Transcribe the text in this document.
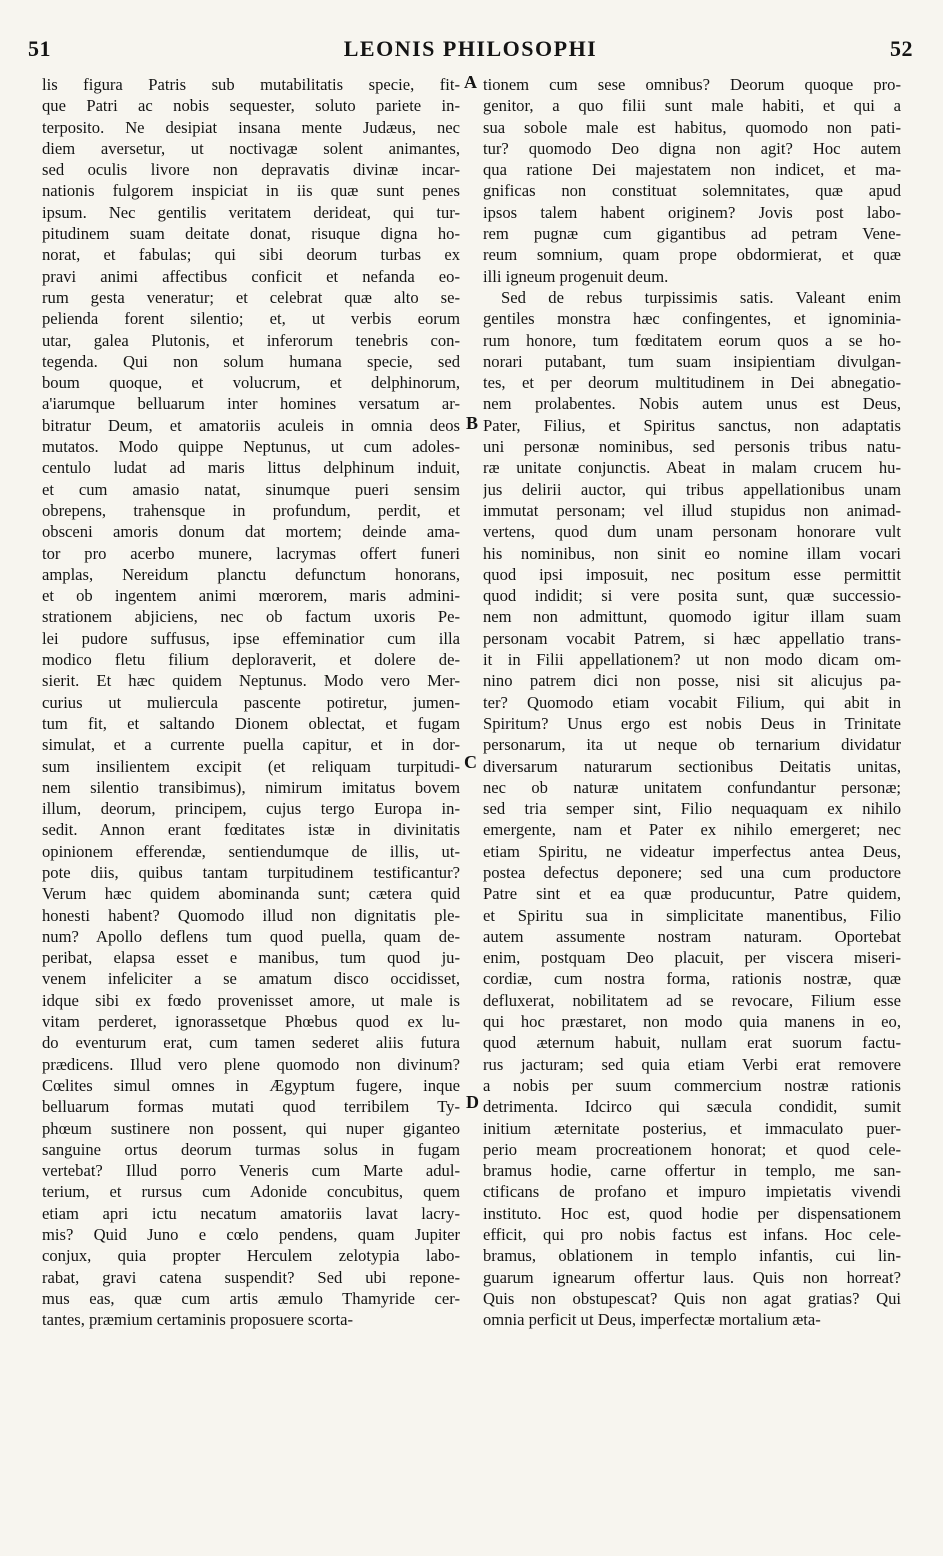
51	LEONIS PHILOSOPHI	52
lis figura Patris sub mutabilitatis specie, fit-
que Patri ac nobis sequester, soluto pariete in-
terposito. Ne desipiat insana mente Judæus, nec
diem aversetur, ut noctivagæ solent animantes,
sed oculis livore non depravatis divinæ incar-
nationis fulgorem inspiciat in iis quæ sunt penes
ipsum. Nec gentilis veritatem derideat, qui tur-
pitudinem suam deitate donat, risuque digna ho-
norat, et fabulas; qui sibi deorum turbas ex
pravi animi affectibus conficit et nefanda eo-
rum gesta veneratur; et celebrat quæ alto se-
pelienda forent silentio; et, ut verbis eorum
utar, galea Plutonis, et inferorum tenebris con-
tegenda. Qui non solum humana specie, sed
boum quoque, et volucrum, et delphinorum,
a'iarumque belluarum inter homines versatum ar-
bitratur Deum, et amatoriis aculeis in omnia deos
mutatos. Modo quippe Neptunus, ut cum adoles-
centulo ludat ad maris littus delphinum induit,
et cum amasio natat, sinumque pueri sensim
obrepens, trahensque in profundum, perdit, et
obsceni amoris donum dat mortem; deinde ama-
tor pro acerbo munere, lacrymas offert funeri
amplas, Nereidum planctu defunctum honorans,
et ob ingentem animi mœrorem, maris admini-
strationem abjiciens, nec ob factum uxoris Pe-
lei pudore suffusus, ipse effeminatior cum illa
modico fletu filium deploraverit, et dolere de-
sierit. Et hæc quidem Neptunus. Modo vero Mer-
curius ut muliercula pascente potiretur, jumen-
tum fit, et saltando Dionem oblectat, et fugam
simulat, et a currente puella capitur, et in dor-
sum insilientem excipit (et reliquam turpitudi-
nem silentio transibimus), nimirum imitatus bovem
illum, deorum, principem, cujus tergo Europa in-
sedit. Annon erant fœditates istæ in divinitatis
opinionem efferendæ, sentiendumque de illis, ut-
pote diis, quibus tantam turpitudinem testificantur?
Verum hæc quidem abominanda sunt; cætera quid
honesti habent? Quomodo illud non dignitatis ple-
num? Apollo deflens tum quod puella, quam de-
peribat, elapsa esset e manibus, tum quod ju-
venem infeliciter a se amatum disco occidisset,
idque sibi ex fœdo provenisset amore, ut male is
vitam perderet, ignorassetque Phœbus quod ex lu-
do eventurum erat, cum tamen sederet aliis futura
prædicens. Illud vero plene quomodo non divinum?
Cœlites simul omnes in Ægyptum fugere, inque
belluarum formas mutati quod terribilem Ty-
phœum sustinere non possent, qui nuper giganteo
sanguine ortus deorum turmas solus in fugam
vertebat? Illud porro Veneris cum Marte adul-
terium, et rursus cum Adonide concubitus, quem
etiam apri ictu necatum amatoriis lavat lacry-
mis? Quid Juno e cœlo pendens, quam Jupiter
conjux, quia propter Herculem zelotypia labo-
rabat, gravi catena suspendit? Sed ubi repone-
mus eas, quæ cum artis æmulo Thamyride cer-
tantes, præmium certaminis proposuere scorta-
tionem cum sese omnibus? Deorum quoque pro-
genitor, a quo filii sunt male habiti, et qui a
sua sobole male est habitus, quomodo non pati-
tur? quomodo Deo digna non agit? Hoc autem
qua ratione Dei majestatem non indicet, et ma-
gnificas non constituat solemnitates, quæ apud
ipsos talem habent originem? Jovis post labo-
rem pugnæ cum gigantibus ad petram Vene-
reum somnium, quam prope obdormierat, et quæ
illi igneum progenuit deum.
Sed de rebus turpissimis satis. Valeant enim
gentiles monstra hæc confingentes, et ignominia-
rum honore, tum fœditatem eorum quos a se ho-
norari putabant, tum suam insipientiam divulgan-
tes, et per deorum multitudinem in Dei abnegatio-
nem prolabentes. Nobis autem unus est Deus,
Pater, Filius, et Spiritus sanctus, non adaptatis
uni personæ nominibus, sed personis tribus natu-
ræ unitate conjunctis. Abeat in malam crucem hu-
jus delirii auctor, qui tribus appellationibus unam
immutat personam; vel illud stupidus non animad-
vertens, quod dum unam personam honorare vult
his nominibus, non sinit eo nomine illam vocari
quod ipsi imposuit, nec positum esse permittit
quod indidit; si vere posita sunt, quæ successio-
nem non admittunt, quomodo igitur illam suam
personam vocabit Patrem, si hæc appellatio trans-
it in Filii appellationem? ut non modo dicam om-
nino patrem dici non posse, nisi sit alicujus pa-
ter? Quomodo etiam vocabit Filium, qui abit in
Spiritum? Unus ergo est nobis Deus in Trinitate
personarum, ita ut neque ob ternarium dividatur
diversarum naturarum sectionibus Deitatis unitas,
nec ob naturæ unitatem confundantur personæ;
sed tria semper sint, Filio nequaquam ex nihilo
emergente, nam et Pater ex nihilo emergeret; nec
etiam Spiritu, ne videatur imperfectus antea Deus,
postea defectus deponere; sed una cum productore
Patre sint et ea quæ producuntur, Patre quidem,
et Spiritu sua in simplicitate manentibus, Filio
autem assumente nostram naturam. Oportebat
enim, postquam Deo placuit, per viscera miseri-
cordiæ, cum nostra forma, rationis nostræ, quæ
defluxerat, nobilitatem ad se revocare, Filium esse
qui hoc præstaret, non modo quia manens in eo,
quod æternum habuit, nullam erat suorum factu-
rus jacturam; sed quia etiam Verbi erat removere
a nobis per suum commercium nostræ rationis
detrimenta. Idcirco qui sæcula condidit, sumit
initium æternitate posterius, et immaculato puer-
perio meam procreationem honorat; et quod cele-
bramus hodie, carne offertur in templo, me san-
ctificans de profano et impuro impietatis vivendi
instituto. Hoc est, quod hodie per dispensationem
efficit, qui pro nobis factus est infans. Hoc cele-
bramus, oblationem in templo infantis, cui lin-
guarum ignearum offertur laus. Quis non horreat?
Quis non obstupescat? Quis non agat gratias? Qui
omnia perficit ut Deus, imperfectæ mortalium æta-
A
B
C
D
